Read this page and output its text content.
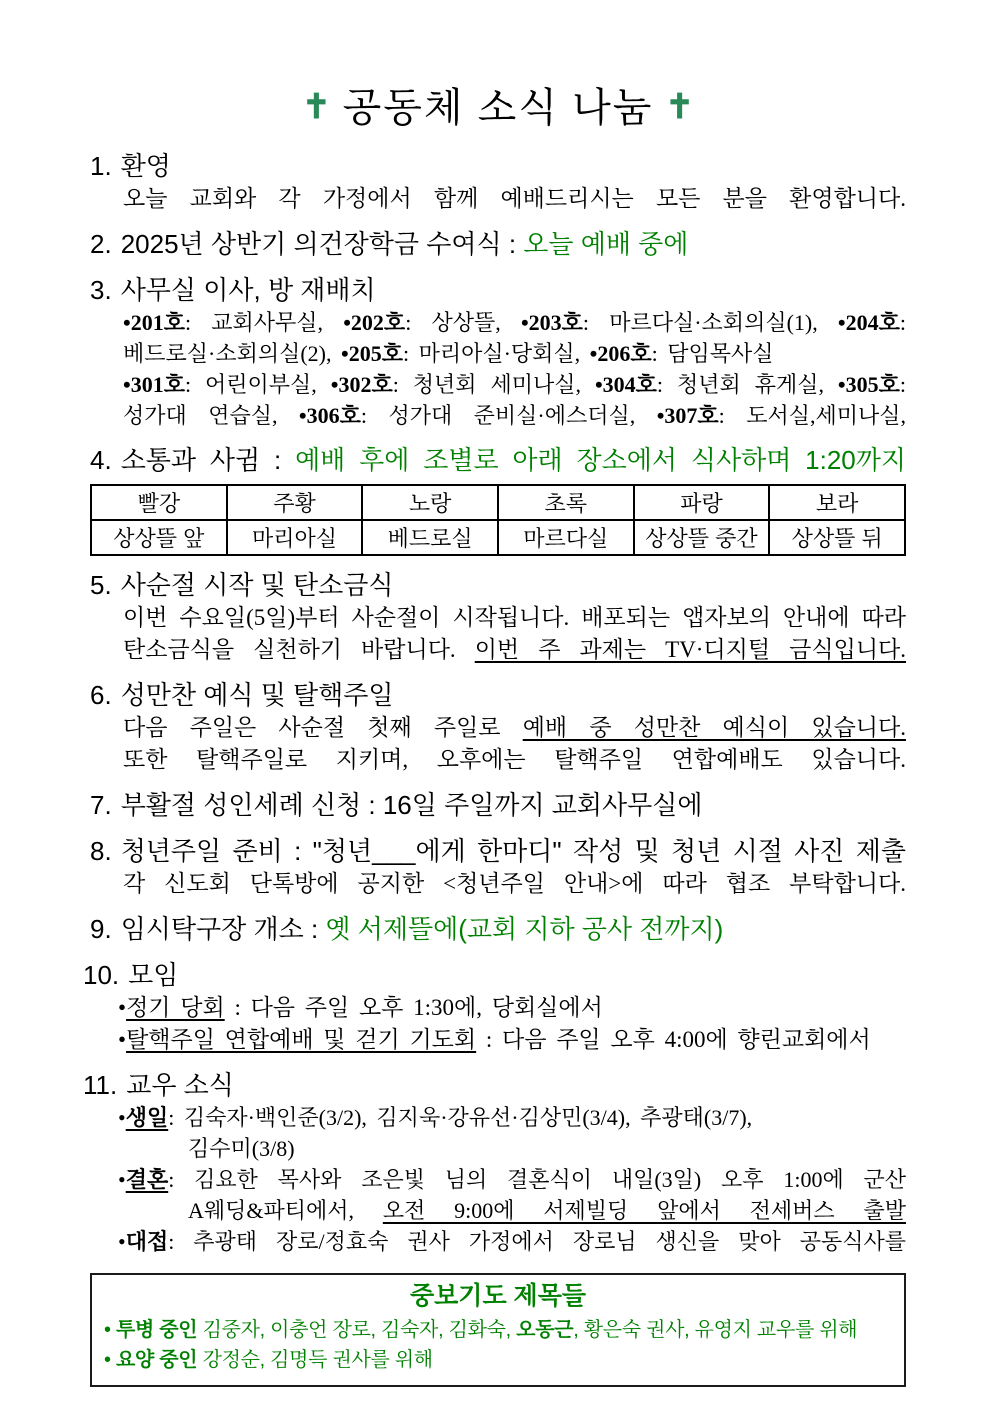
✝ 공동체 소식 나눔 ✝
1. 환영
오늘 교회와 각 가정에서 함께 예배드리시는 모든 분을 환영합니다.
2. 2025년 상반기 의건장학금 수여식 : 오늘 예배 중에
3. 사무실 이사, 방 재배치
•201호: 교회사무실, •202호: 상상뜰, •203호: 마르다실·소회의실(1), •204호:
베드로실·소회의실(2), •205호: 마리아실·당회실, •206호: 담임목사실
•301호: 어린이부실, •302호: 청년회 세미나실, •304호: 청년회 휴게실, •305호:
성가대 연습실, •306호: 성가대 준비실·에스더실, •307호: 도서실,세미나실,
4. 소통과 사귐 : 예배 후에 조별로 아래 장소에서 식사하며 1:20까지
빨강	주황	노랑	초록	파랑	보라
상상뜰 앞	마리아실	베드로실	마르다실	상상뜰 중간	상상뜰 뒤
5. 사순절 시작 및 탄소금식
이번 수요일(5일)부터 사순절이 시작됩니다. 배포되는 앱자보의 안내에 따라
탄소금식을 실천하기 바랍니다. 이번 주 과제는 TV·디지털 금식입니다.
6. 성만찬 예식 및 탈핵주일
다음 주일은 사순절 첫째 주일로 예배 중 성만찬 예식이 있습니다.
또한 탈핵주일로 지키며, 오후에는 탈핵주일 연합예배도 있습니다.
7. 부활절 성인세례 신청 : 16일 주일까지 교회사무실에
8. 청년주일 준비 : "청년___에게 한마디" 작성 및 청년 시절 사진 제출
각 신도회 단톡방에 공지한 <청년주일 안내>에 따라 협조 부탁합니다.
9. 임시탁구장 개소 : 옛 서제뜰에(교회 지하 공사 전까지)
10. 모임
•정기 당회 : 다음 주일 오후 1:30에, 당회실에서
•탈핵주일 연합예배 및 걷기 기도회 : 다음 주일 오후 4:00에 향린교회에서
11. 교우 소식
•생일: 김숙자·백인준(3/2), 김지욱·강유선·김상민(3/4), 추광태(3/7),
김수미(3/8)
•결혼: 김요한 목사와 조은빛 님의 결혼식이 내일(3일) 오후 1:00에 군산
A웨딩&파티에서, 오전 9:00에 서제빌딩 앞에서 전세버스 출발
•대접: 추광태 장로/정효숙 권사 가정에서 장로님 생신을 맞아 공동식사를
중보기도 제목들
• 투병 중인 김중자, 이충언 장로, 김숙자, 김화숙, 오동근, 황은숙 권사, 유영지 교우를 위해
• 요양 중인 강정순, 김명득 권사를 위해
